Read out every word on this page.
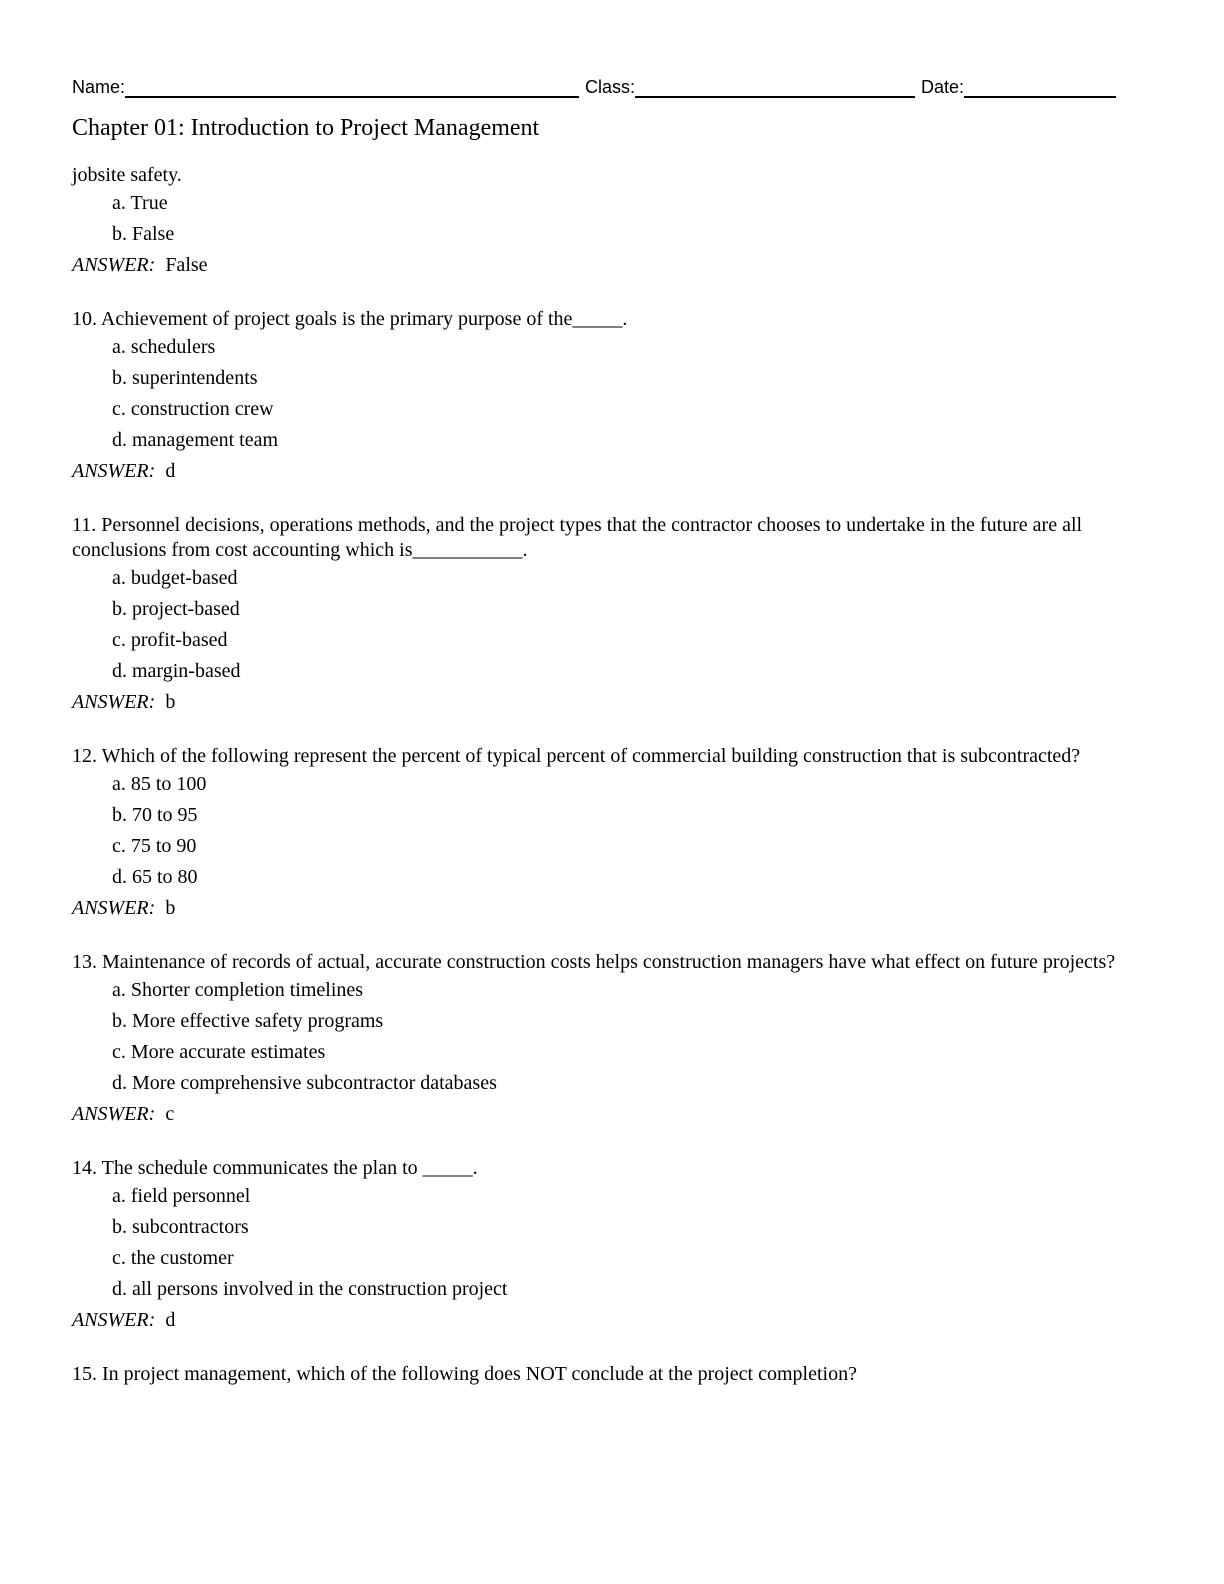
Name:	Class:	Date:
Chapter 01: Introduction to Project Management
jobsite safety.
a. True
b. False
ANSWER: False
10. Achievement of project goals is the primary purpose of the_____.
a. schedulers
b. superintendents
c. construction crew
d. management team
ANSWER: d
11. Personnel decisions, operations methods, and the project types that the contractor chooses to undertake in the future are all conclusions from cost accounting which is___________.
a. budget-based
b. project-based
c. profit-based
d. margin-based
ANSWER: b
12. Which of the following represent the percent of typical percent of commercial building construction that is subcontracted?
a. 85 to 100
b. 70 to 95
c. 75 to 90
d. 65 to 80
ANSWER: b
13. Maintenance of records of actual, accurate construction costs helps construction managers have what effect on future projects?
a. Shorter completion timelines
b. More effective safety programs
c. More accurate estimates
d. More comprehensive subcontractor databases
ANSWER: c
14. The schedule communicates the plan to _____.
a. field personnel
b. subcontractors
c. the customer
d. all persons involved in the construction project
ANSWER: d
15. In project management, which of the following does NOT conclude at the project completion?
